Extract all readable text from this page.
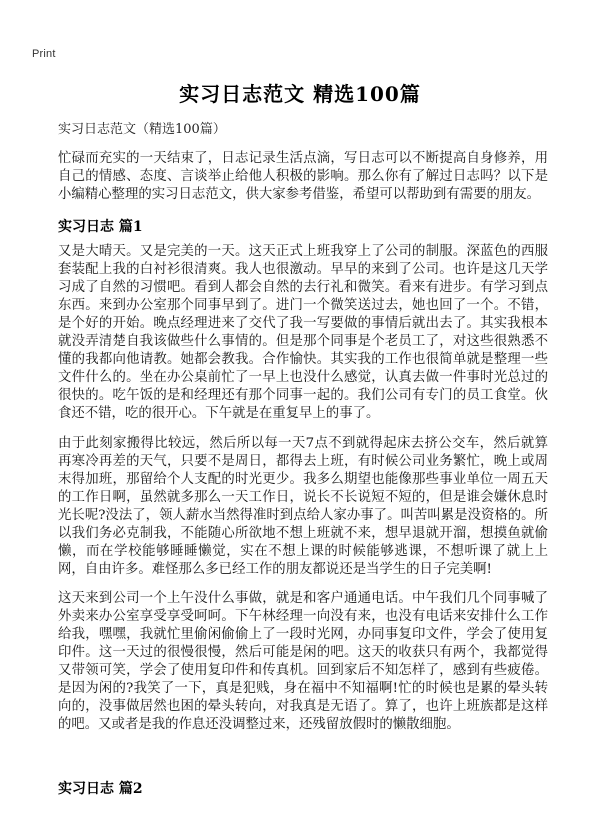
Print
实习日志范文 精选100篇
实习日志范文（精选100篇）

忙碌而充实的一天结束了，日志记录生活点滴，写日志可以不断提高自身修养，用自己的情感、态度、言谈举止给他人积极的影响。那么你有了解过日志吗？以下是小编精心整理的实习日志范文，供大家参考借鉴，希望可以帮助到有需要的朋友。

实习日志 篇1

又是大晴天。又是完美的一天。这天正式上班我穿上了公司的制服。深蓝色的西服套装配上我的白衬衫很清爽。我人也很激动。早早的来到了公司。也许是这几天学习成了自然的习惯吧。看到人都会自然的去行礼和微笑。看来有进步。有学习到点东西。来到办公室那个同事早到了。进门一个微笑送过去，她也回了一个。不错，是个好的开始。晚点经理进来了交代了我一写要做的事情后就出去了。其实我根本就没弄清楚自我该做些什么事情的。但是那个同事是个老员工了，对这些很熟悉不懂的我都向他请教。她都会教我。合作愉快。其实我的工作也很简单就是整理一些文件什么的。坐在办公桌前忙了一早上也没什么感觉，认真去做一件事时光总过的很快的。吃午饭的是和经理还有那个同事一起的。我们公司有专门的员工食堂。伙食还不错，吃的很开心。下午就是在重复早上的事了。

由于此刻家搬得比较远，然后所以每一天7点不到就得起床去挤公交车，然后就算再寒冷再差的天气，只要不是周日，都得去上班，有时候公司业务繁忙，晚上或周末得加班，那留给个人支配的时光更少。我多么期望也能像那些事业单位一周五天的工作日啊，虽然就多那么一天工作日，说长不长说短不短的，但是谁会嫌休息时光长呢?没法了，领人薪水当然得准时到点给人家办事了。叫苦叫累是没资格的。所以我们务必克制我，不能随心所欲地不想上班就不来，想早退就开溜，想摸鱼就偷懒，而在学校能够睡睡懒觉，实在不想上课的时候能够逃课，不想听课了就上上网，自由许多。难怪那么多已经工作的朋友都说还是当学生的日子完美啊!

这天来到公司一个上午没什么事做，就是和客户通通电话。中午我们几个同事喊了外卖来办公室享受享受呵呵。下午林经理一向没有来，也没有电话来安排什么工作给我，嘿嘿，我就忙里偷闲偷偷上了一段时光网，办同事复印文件，学会了使用复印件。这一天过的很慢很慢，然后可能是闲的吧。这天的收获只有两个，我都觉得又带领可笑，学会了使用复印件和传真机。回到家后不知怎样了，感到有些疲倦。是因为闲的?我笑了一下，真是犯贱，身在福中不知福啊!忙的时候也是累的晕头转向的，没事做居然也困的晕头转向，对我真是无语了。算了，也许上班族都是这样的吧。又或者是我的作息还没调整过来，还残留放假时的懒散细胞。

实习日志 篇2
